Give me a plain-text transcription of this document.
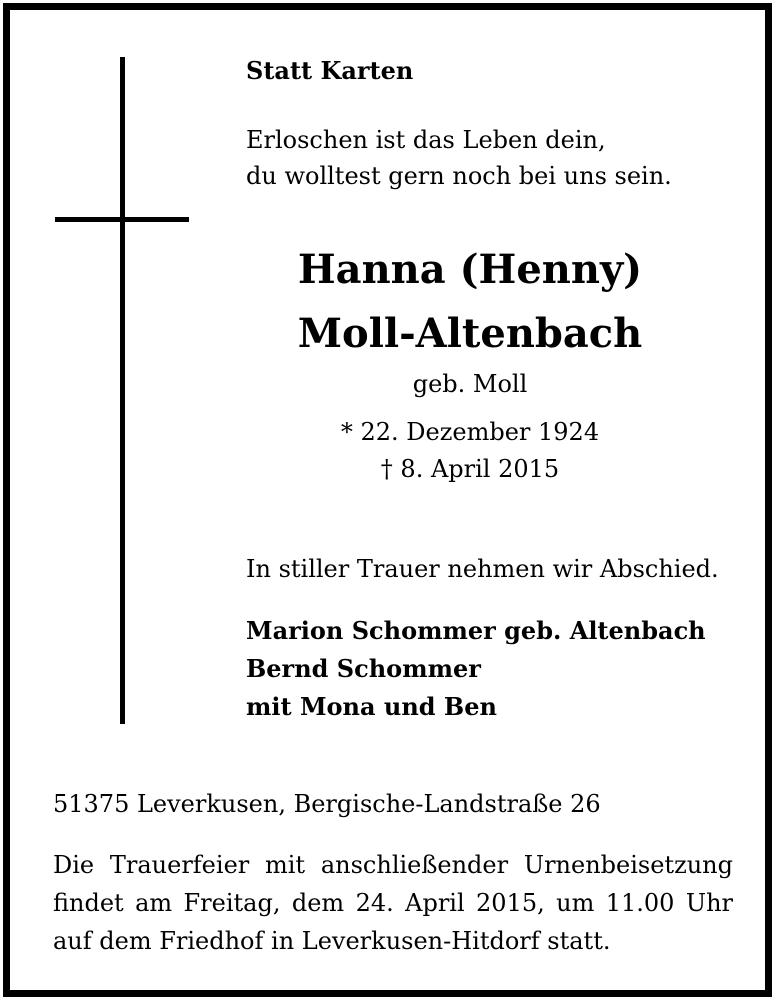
Statt Karten
Erloschen ist das Leben dein,
du wolltest gern noch bei uns sein.
Hanna (Henny)
Moll-Altenbach
geb. Moll
* 22. Dezember 1924
† 8. April 2015
In stiller Trauer nehmen wir Abschied.
Marion Schommer geb. Altenbach
Bernd Schommer
mit Mona und Ben
51375 Leverkusen, Bergische-Landstraße 26
Die Trauerfeier mit anschließender Urnenbeisetzung
findet am Freitag, dem 24. April 2015, um 11.00 Uhr
auf dem Friedhof in Leverkusen-Hitdorf statt.
